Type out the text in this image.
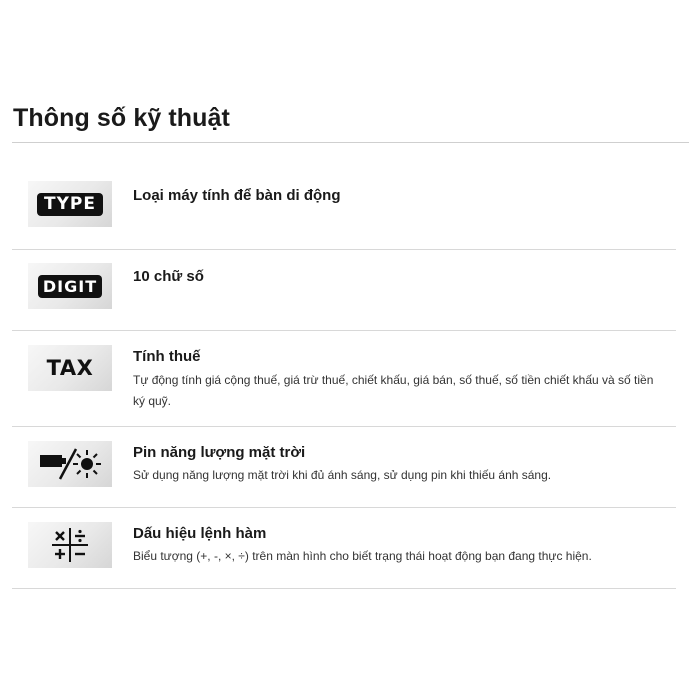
Thông số kỹ thuật
TYPE	Loại máy tính để bàn di động
DIGIT	10 chữ số
TAX	Tính thuế
Tự động tính giá cộng thuế, giá trừ thuế, chiết khấu, giá bán, số thuế, số tiền chiết khấu và số tiền ký quỹ.
Pin năng lượng mặt trời
Sử dụng năng lượng mặt trời khi đủ ánh sáng, sử dụng pin khi thiếu ánh sáng.
Dấu hiệu lệnh hàm
Biểu tượng (+, -, ×, ÷) trên màn hình cho biết trạng thái hoạt động bạn đang thực hiện.
